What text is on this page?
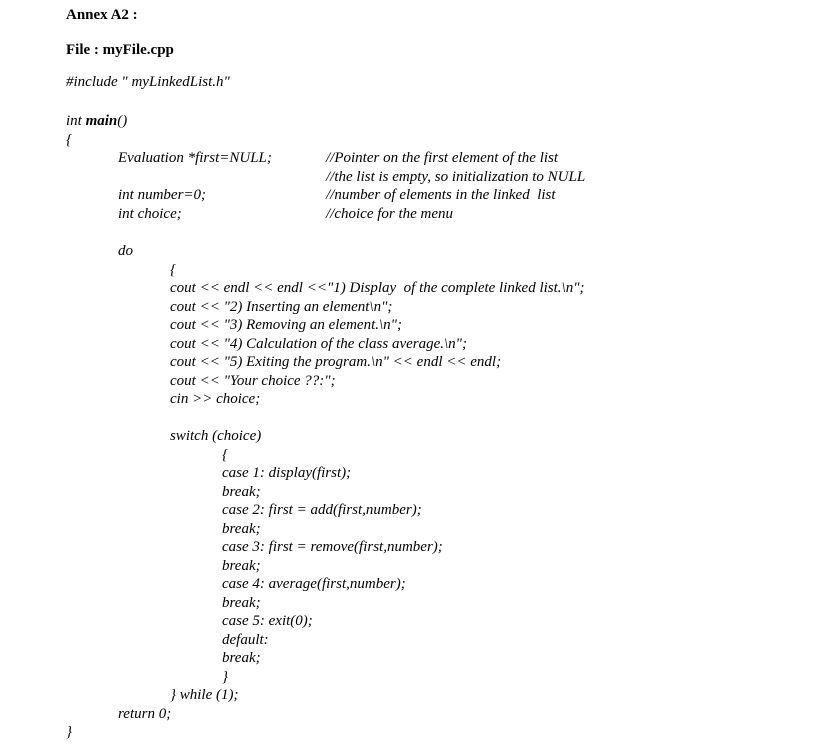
Annex A2 :

File : myFile.cpp

#include " myLinkedList.h"

int main()

{

Evaluation *first=NULL;	//Pointer on the first element of the list

//the list is empty, so initialization to NULL

int number=0;	//number of elements in the linked  list

int choice;	//choice for the menu

do

{

cout << endl << endl <<"1) Display  of the complete linked list.\n";

cout << "2) Inserting an element\n";

cout << "3) Removing an element.\n";

cout << "4) Calculation of the class average.\n";

cout << "5) Exiting the program.\n" << endl << endl;

cout << "Your choice ??:";

cin >> choice;

switch (choice)

{

case 1: display(first);

break;

case 2: first = add(first,number);

break;

case 3: first = remove(first,number);

break;

case 4: average(first,number);

break;

case 5: exit(0);

default:

break;

}

} while (1);

return 0;

}
